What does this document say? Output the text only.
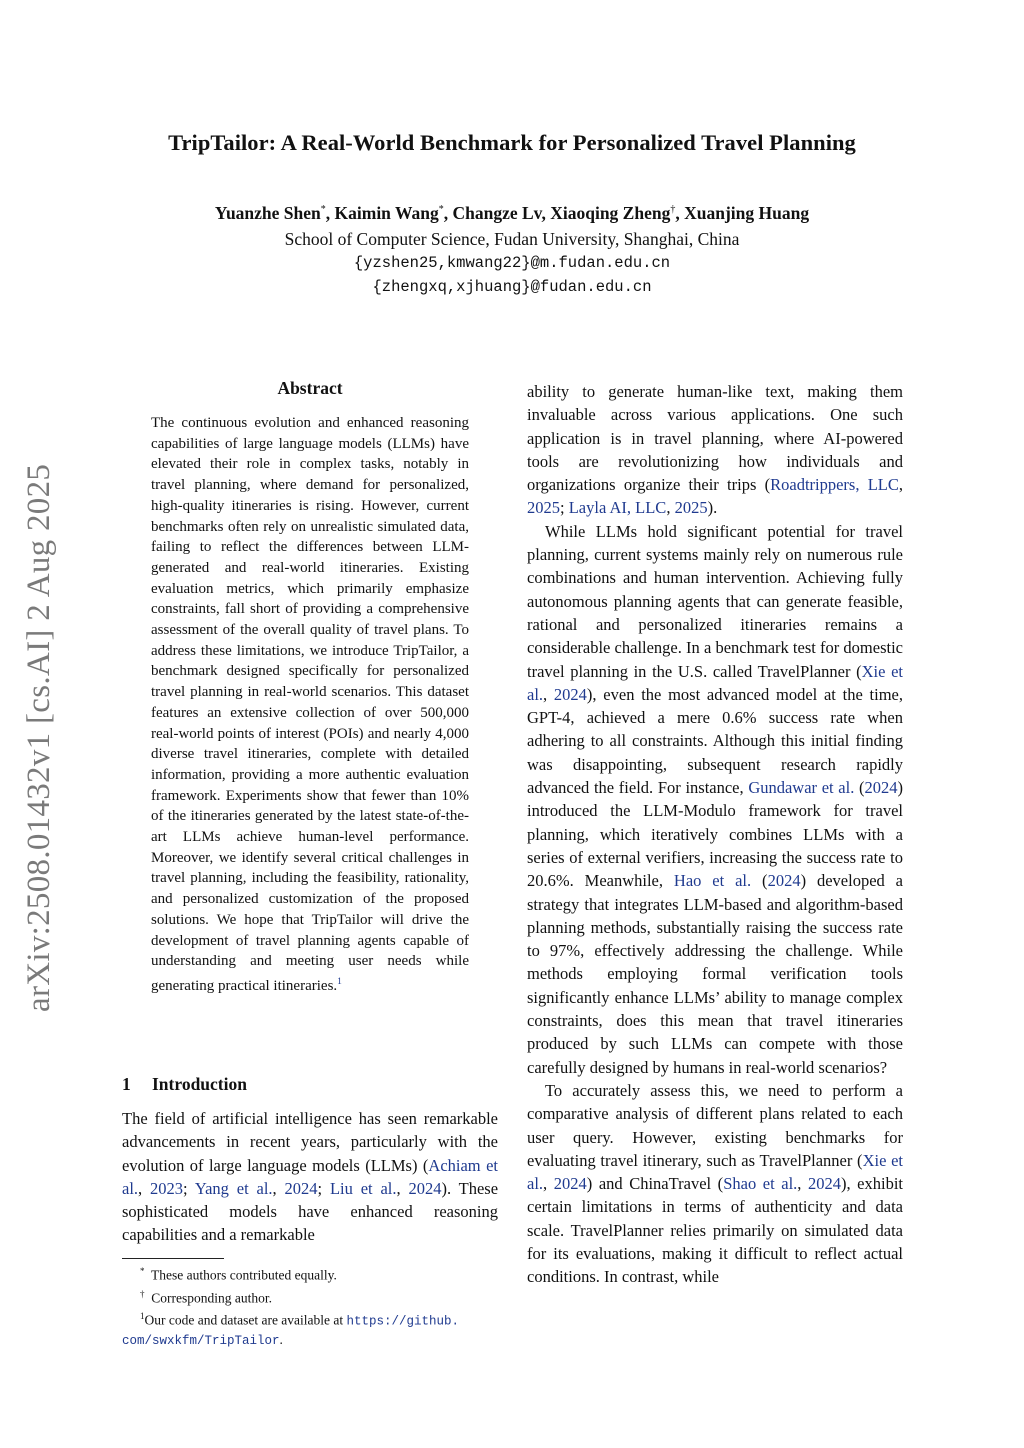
TripTailor: A Real-World Benchmark for Personalized Travel Planning
Yuanzhe Shen*, Kaimin Wang*, Changze Lv, Xiaoqing Zheng†, Xuanjing Huang
School of Computer Science, Fudan University, Shanghai, China
{yzshen25,kmwang22}@m.fudan.edu.cn
{zhengxq,xjhuang}@fudan.edu.cn
arXiv:2508.01432v1 [cs.AI] 2 Aug 2025
Abstract
The continuous evolution and enhanced reasoning capabilities of large language models (LLMs) have elevated their role in complex tasks, notably in travel planning, where demand for personalized, high-quality itineraries is rising. However, current benchmarks often rely on unrealistic simulated data, failing to reflect the differences between LLM-generated and real-world itineraries. Existing evaluation metrics, which primarily emphasize constraints, fall short of providing a comprehensive assessment of the overall quality of travel plans. To address these limitations, we introduce TripTailor, a benchmark designed specifically for personalized travel planning in real-world scenarios. This dataset features an extensive collection of over 500,000 real-world points of interest (POIs) and nearly 4,000 diverse travel itineraries, complete with detailed information, providing a more authentic evaluation framework. Experiments show that fewer than 10% of the itineraries generated by the latest state-of-the-art LLMs achieve human-level performance. Moreover, we identify several critical challenges in travel planning, including the feasibility, rationality, and personalized customization of the proposed solutions. We hope that TripTailor will drive the development of travel planning agents capable of understanding and meeting user needs while generating practical itineraries.$^1$
1 Introduction

The field of artificial intelligence has seen remarkable advancements in recent years, particularly with the evolution of large language models (LLMs) (Achiam et al., 2023; Yang et al., 2024; Liu et al., 2024). These sophisticated models have enhanced reasoning capabilities and a remarkable

ability to generate human-like text, making them invaluable across various applications. One such application is in travel planning, where AI-powered tools are revolutionizing how individuals and organizations organize their trips (Roadtrippers, LLC, 2025; Layla AI, LLC, 2025).

While LLMs hold significant potential for travel planning, current systems mainly rely on numerous rule combinations and human intervention. Achieving fully autonomous planning agents that can generate feasible, rational and personalized itineraries remains a considerable challenge. In a benchmark test for domestic travel planning in the U.S. called TravelPlanner (Xie et al., 2024), even the most advanced model at the time, GPT-4, achieved a mere 0.6% success rate when adhering to all constraints. Although this initial finding was disappointing, subsequent research rapidly advanced the field. For instance, Gundawar et al. (2024) introduced the LLM-Modulo framework for travel planning, which iteratively combines LLMs with a series of external verifiers, increasing the success rate to 20.6%. Meanwhile, Hao et al. (2024) developed a strategy that integrates LLM-based and algorithm-based planning methods, substantially raising the success rate to 97%, effectively addressing the challenge. While methods employing formal verification tools significantly enhance LLMs’ ability to manage complex constraints, does this mean that travel itineraries produced by such LLMs can compete with those carefully designed by humans in real-world scenarios?

To accurately assess this, we need to perform a comparative analysis of different plans related to each user query. However, existing benchmarks for evaluating travel itinerary, such as TravelPlanner (Xie et al., 2024) and ChinaTravel (Shao et al., 2024), exhibit certain limitations in terms of authenticity and data scale. TravelPlanner relies primarily on simulated data for its evaluations, making it difficult to reflect actual conditions. In contrast, while

* These authors contributed equally.
† Corresponding author.
$^1$Our code and dataset are available at https://github.
com/swxkfm/TripTailor.
